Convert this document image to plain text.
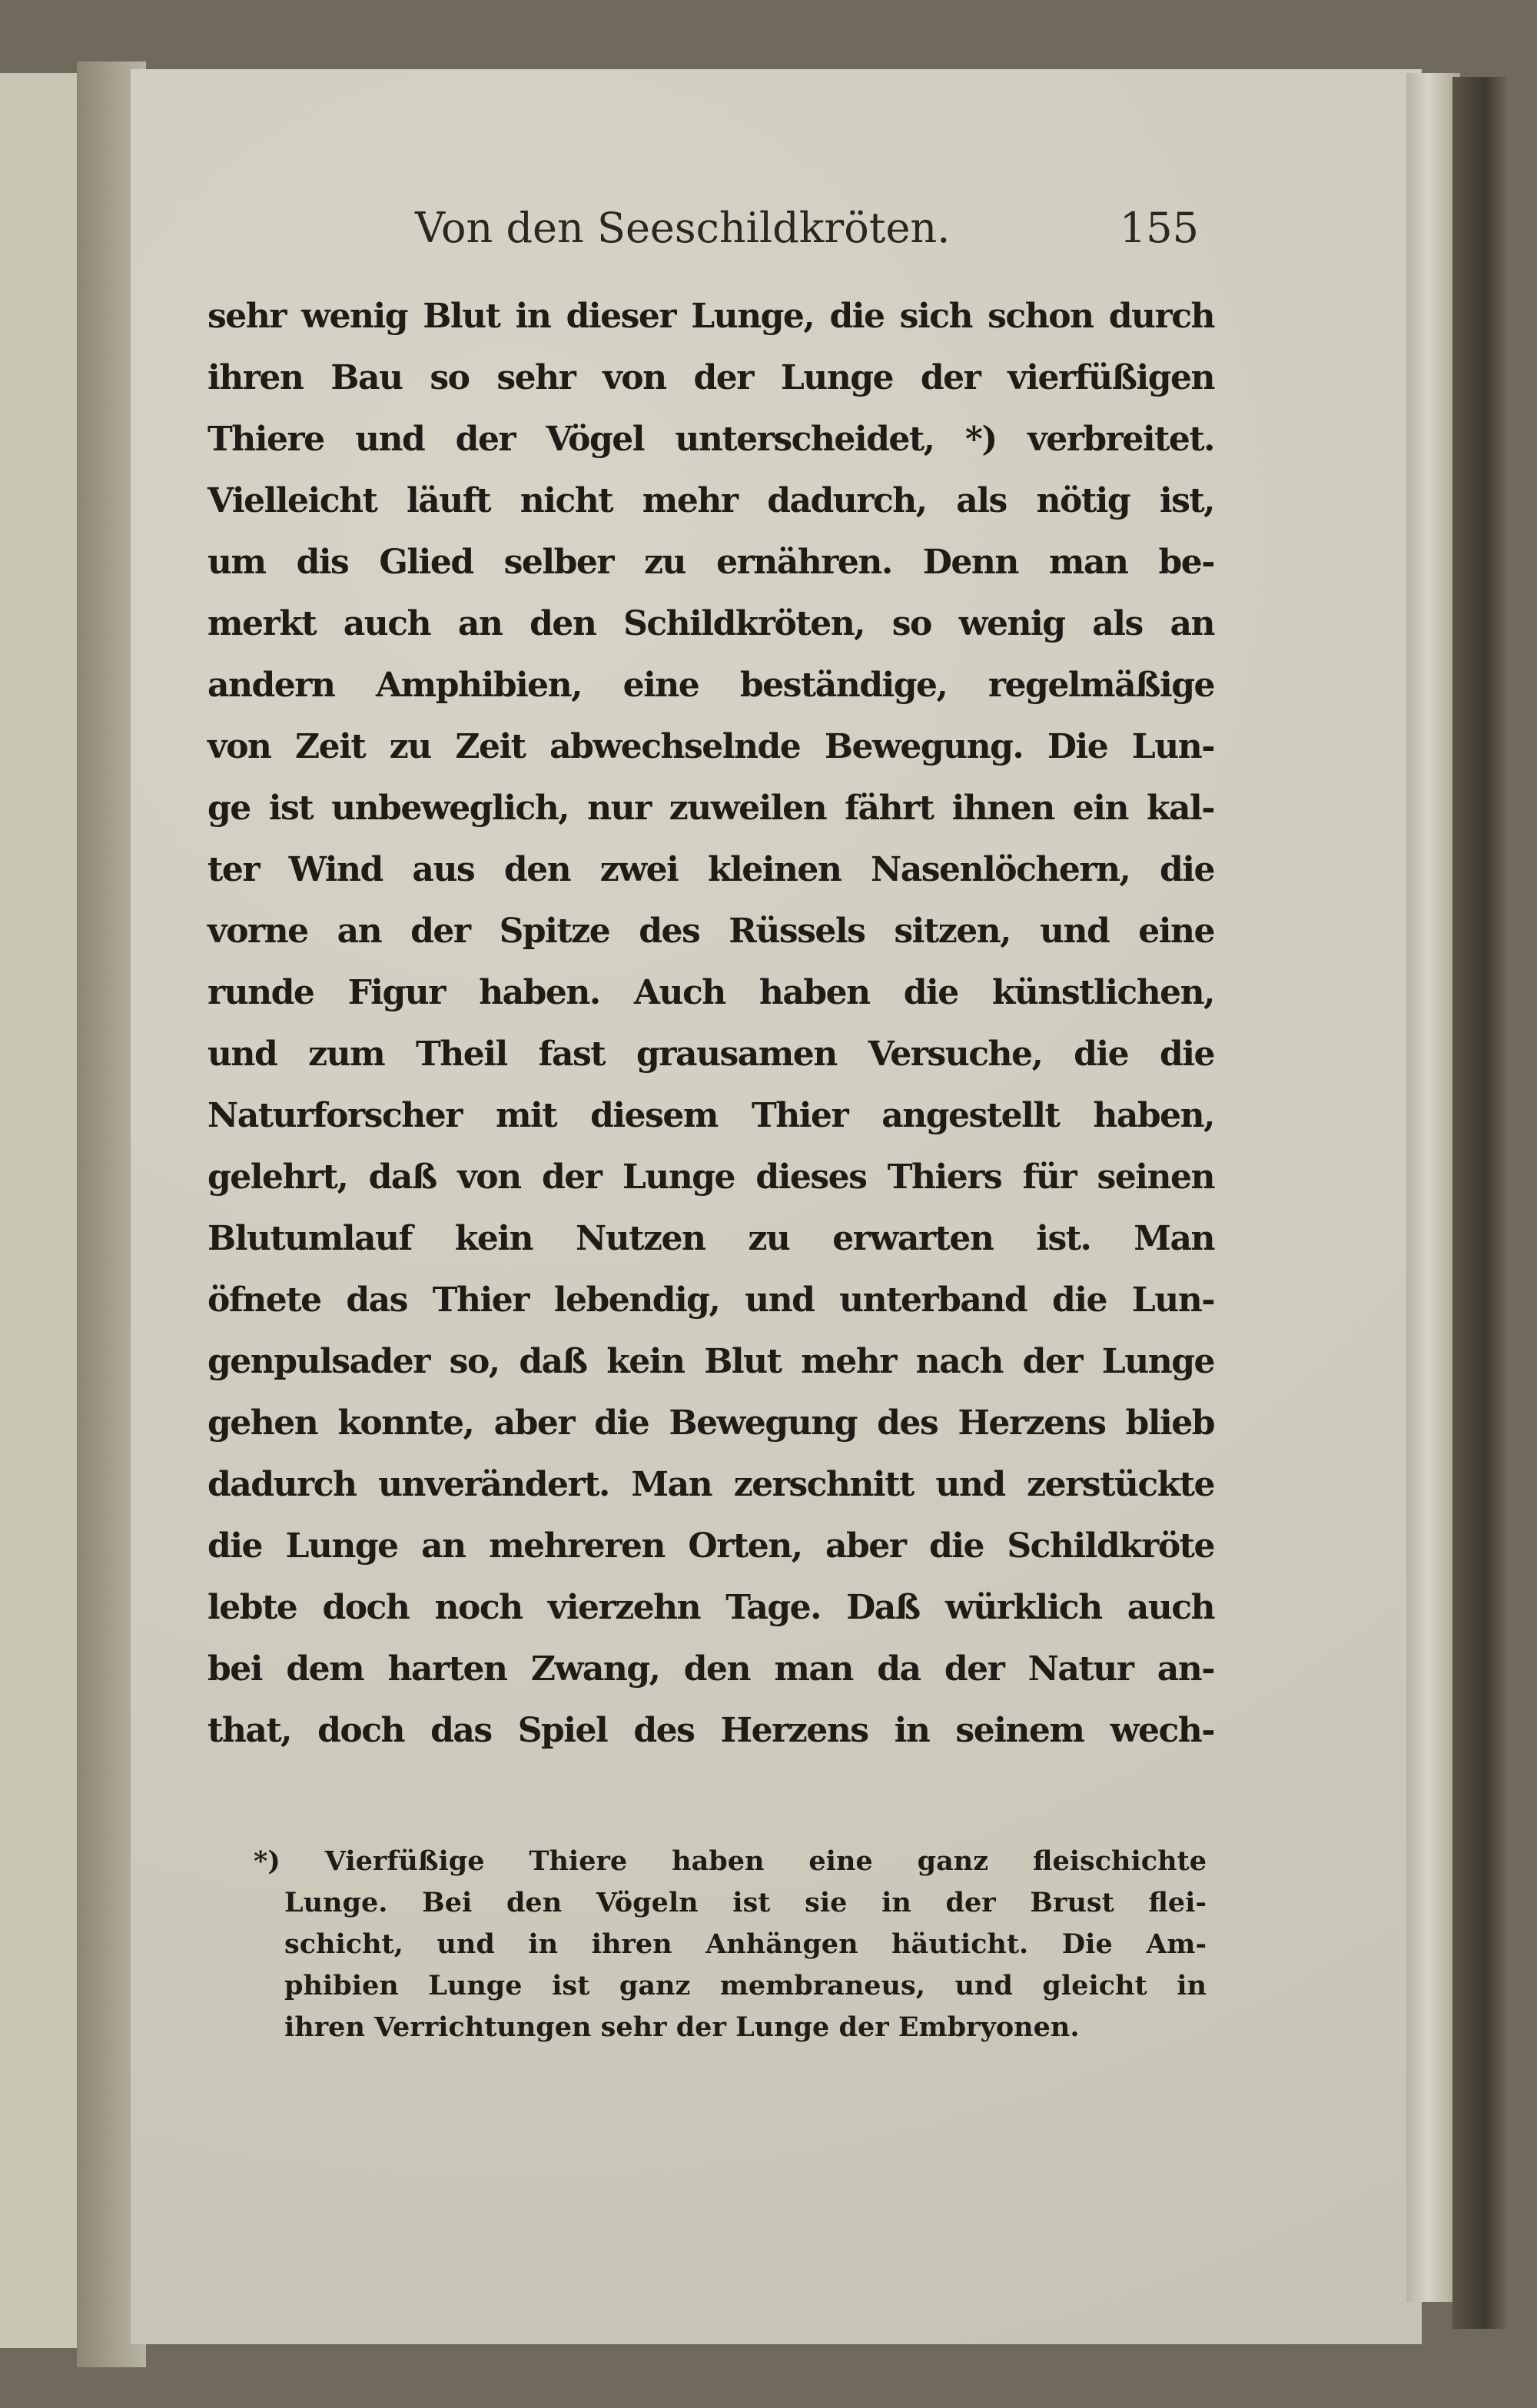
Von den Seeschildkröten.	155
sehr wenig Blut in dieser Lunge, die sich schon durch
ihren Bau so sehr von der Lunge der vierfüßigen
Thiere und der Vögel unterscheidet, *) verbreitet.
Vielleicht läuft nicht mehr dadurch, als nötig ist,
um dis Glied selber zu ernähren. Denn man be-
merkt auch an den Schildkröten, so wenig als an
andern Amphibien, eine beständige, regelmäßige
von Zeit zu Zeit abwechselnde Bewegung. Die Lun-
ge ist unbeweglich, nur zuweilen fährt ihnen ein kal-
ter Wind aus den zwei kleinen Nasenlöchern, die
vorne an der Spitze des Rüssels sitzen, und eine
runde Figur haben. Auch haben die künstlichen,
und zum Theil fast grausamen Versuche, die die
Naturforscher mit diesem Thier angestellt haben,
gelehrt, daß von der Lunge dieses Thiers für seinen
Blutumlauf kein Nutzen zu erwarten ist. Man
öfnete das Thier lebendig, und unterband die Lun-
genpulsader so, daß kein Blut mehr nach der Lunge
gehen konnte, aber die Bewegung des Herzens blieb
dadurch unverändert. Man zerschnitt und zerstückte
die Lunge an mehreren Orten, aber die Schildkröte
lebte doch noch vierzehn Tage. Daß würklich auch
bei dem harten Zwang, den man da der Natur an-
that, doch das Spiel des Herzens in seinem wech-
*) Vierfüßige Thiere haben eine ganz fleischichte
Lunge. Bei den Vögeln ist sie in der Brust flei-
schicht, und in ihren Anhängen häuticht. Die Am-
phibien Lunge ist ganz membraneus, und gleicht in
ihren Verrichtungen sehr der Lunge der Embryonen.
